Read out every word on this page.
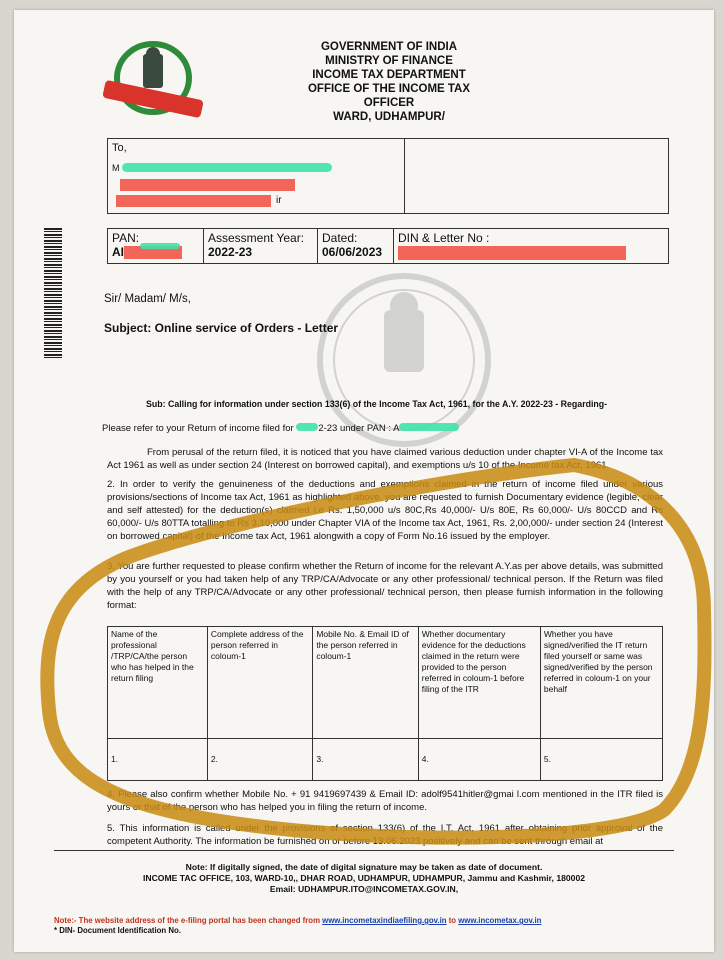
GOVERNMENT OF INDIA
MINISTRY OF FINANCE
INCOME TAX DEPARTMENT
OFFICE OF THE INCOME TAX
OFFICER
WARD, UDHAMPUR/
To,
M
ir
PAN:
AI
Assessment Year:
2022-23
Dated:
06/06/2023
DIN & Letter No :
Sir/ Madam/ M/s,
Subject: Online service of Orders - Letter
Sub: Calling for information under section 133(6) of the Income Tax Act, 1961, for the A.Y. 2022-23 - Regarding-
Please refer to your Return of income filed for 2-23 under PAN : A
From perusal of the return filed, it is noticed that you have claimed various deduction under chapter VI-A of the Income tax Act 1961 as well as under section 24 (Interest on borrowed capital), and exemptions u/s 10 of the Income tax Act, 1961.
2. In order to verify the genuineness of the deductions and exemptions claimed in the return of income filed under various provisions/sections of Income tax Act, 1961 as highlighted above, you are requested to furnish Documentary evidence (legible, clear and self attested) for the deduction(s) claimed i.e Rs. 1,50,000 u/s 80C,Rs 40,000/- U/s 80E, Rs 60,000/- U/s 80CCD and Rs 60,000/- U/s 80TTA totalling to Rs 3,10,000 under Chapter VIA of the Income tax Act, 1961, Rs. 2,00,000/- under section 24 (Interest on borrowed capital) of the Income tax Act, 1961 alongwith a copy of Form No.16 issued by the employer.
3. You are further requested to please confirm whether the Return of income for the relevant A.Y.as per above details, was submitted by you yourself or you had taken help of any TRP/CA/Advocate or any other professional/ technical person. If the Return was filed with the help of any TRP/CA/Advocate or any other professional/ technical person, then please furnish information in the following format:
Name of the professional /TRP/CA/the person who has helped in the return filing	Complete address of the person referred in coloum-1	Mobile No. & Email ID of the person referred in coloum-1	Whether documentary evidence for the deductions claimed in the return were provided to the person referred in coloum-1 before filing of the ITR	Whether you have signed/verified the IT return filed yourself or same was signed/verified by the person referred in coloum-1 on your behalf
1.	2.	3.	4.	5.
4. Please also confirm whether Mobile No. + 91 9419697439 & Email ID: adolf9541hitler@gmai l.com mentioned in the ITR filed is yours or that of the person who has helped you in filing the return of income.
5. This information is called under the provisions of section 133(6) of the I.T. Act, 1961 after obtaining prior approval of the competent Authority. The information be furnished on or before 13.06.2023 positively and can be sent through email at
Note: If digitally signed, the date of digital signature may be taken as date of document.
INCOME TAC OFFICE, 103, WARD-10,, DHAR ROAD, UDHAMPUR, UDHAMPUR, Jammu and Kashmir, 180002
Email: UDHAMPUR.ITO@INCOMETAX.GOV.IN,
Note:- The website address of the e-filing portal has been changed from www.incometaxindiaefiling.gov.in to www.incometax.gov.in
* DIN- Document Identification No.
